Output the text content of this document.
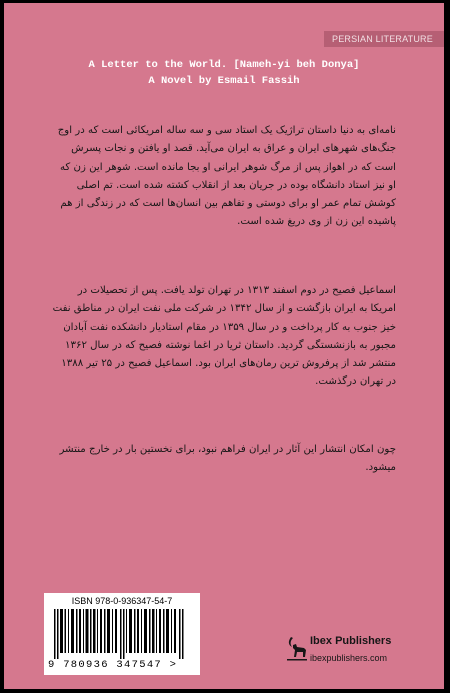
PERSIAN LITERATURE
A Letter to the World. [Nameh-yi beh Donya]
A Novel by Esmail Fassih
نامه‌ای به دنیا داستان تراژیک یک استاد سی و سه ساله امریکائی است که در اوج جنگ‌های شهرهای ایران و عراق به ایران می‌آید. قصد او یافتن و نجات پسرش است که در اهواز پس از مرگ شوهر ایرانی او بجا مانده است. شوهر این زن که او نیز استاد دانشگاه بوده در جریان بعد از انقلاب کشته شده است. تم اصلی کوشش تمام عمر او برای دوستی و تفاهم بین انسان‌ها است که در زندگی از هم پاشیده این زن از وی دریغ شده است.
اسماعیل فصیح در دوم اسفند ۱۳۱۳ در تهران تولد یافت. پس از تحصیلات در امریکا به ایران بازگشت و از سال ۱۳۴۲ در شرکت ملی نفت ایران در مناطق نفت خیز جنوب به کار پرداخت و در سال ۱۳۵۹ در مقام استادیار دانشکده نفت آبادان مجبور به بازنشستگی گردید. داستان ثریا در اغما نوشته فصیح که در سال ۱۳۶۲ منتشر شد از پرفروش ترین رمان‌های ایران بود. اسماعیل فصیح در ۲۵ تیر ۱۳۸۸ در تهران درگذشت.
چون امکان انتشار این آثار در ایران فراهم نبود، برای نخستین بار در خارج منتشر میشود.
ISBN 978-0-936347-54-7
9 780936 347547 >
Ibex Publishers
ibexpublishers.com
